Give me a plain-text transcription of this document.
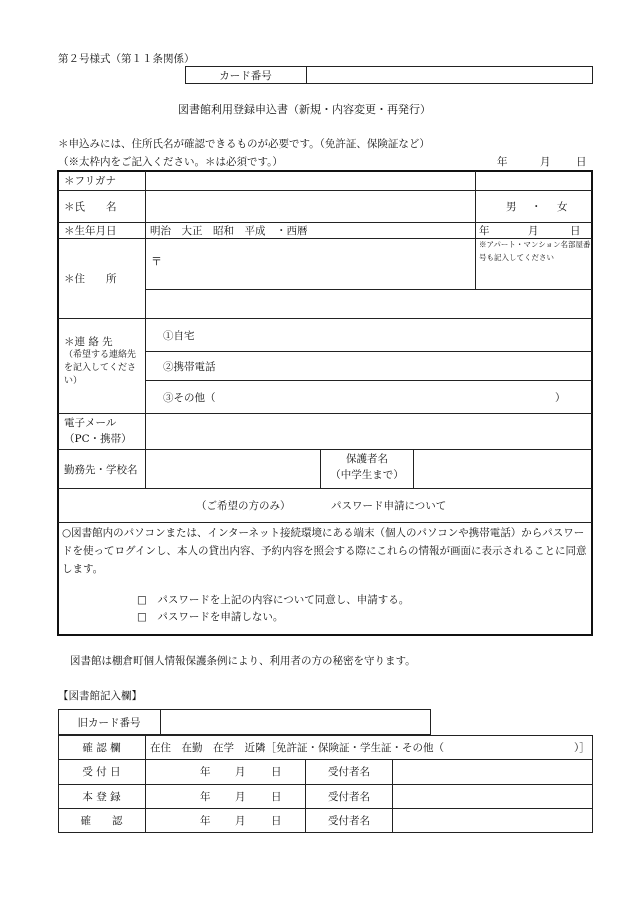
第２号様式（第１１条関係）
カード番号
図書館利用登録申込書（新規・内容変更・再発行）
＊申込みには、住所氏名が確認できるものが必要です。（免許証、保険証など）
（※太枠内をご記入ください。＊は必須です。）	年	月 日
＊フリガナ
＊氏　　名	男 ・ 女
＊生年月日	明治　大正　昭和　平成　・西暦	年	月	日
＊住　　所
〒
※アパート・マンション名部屋番号も記入してください
＊連 絡 先
（希望する連絡先を記入してください）
①自宅
②携帯電話
③その他（	）
電子メール
（PC・携帯）
勤務先・学校名
保護者名
（中学生まで）
（ご希望の方のみ）	パスワード申請について
○図書館内のパソコンまたは、インターネット接続環境にある端末（個人のパソコンや携帯電話）からパスワードを使ってログインし、本人の貸出内容、予約内容を照会する際にこれらの情報が画面に表示されることに同意します。
□　パスワードを上記の内容について同意し、申請する。
□　パスワードを申請しない。
図書館は棚倉町個人情報保護条例により、利用者の方の秘密を守ります。
【図書館記入欄】
旧カード番号
確 認 欄	在住　在勤　在学　近隣［免許証・保険証・学生証・その他（	）］
受 付 日	年 月 日	受付者名
本 登 録	年 月 日	受付者名
確　　認	年 月 日	受付者名
